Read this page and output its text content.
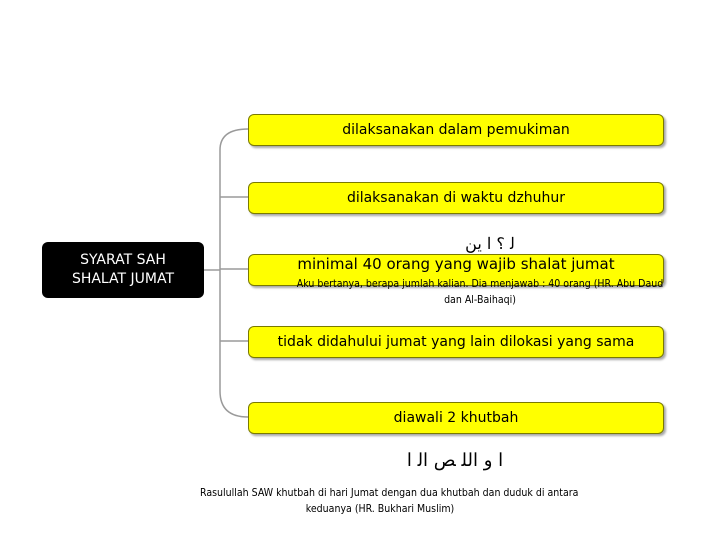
SYARAT SAH
SHALAT JUMAT
dilaksanakan dalam pemukiman
dilaksanakan di waktu dzhuhur
minimal 40 orang yang wajib shalat jumat
tidak didahului jumat yang lain dilokasi yang sama
diawali 2 khutbah
ﻟ ؟ ﺍ ﻳﻦ
Aku bertanya, berapa jumlah kalian. Dia menjawab : 40 orang (HR. Abu Daud
dan Al-Baihaqi)
ﺍ ﻭ ﺍﻟﻠ ﺺ ﺍﻟ ﺍ
Rasulullah SAW khutbah di hari Jumat dengan dua khutbah dan duduk di antara
keduanya (HR. Bukhari Muslim)
